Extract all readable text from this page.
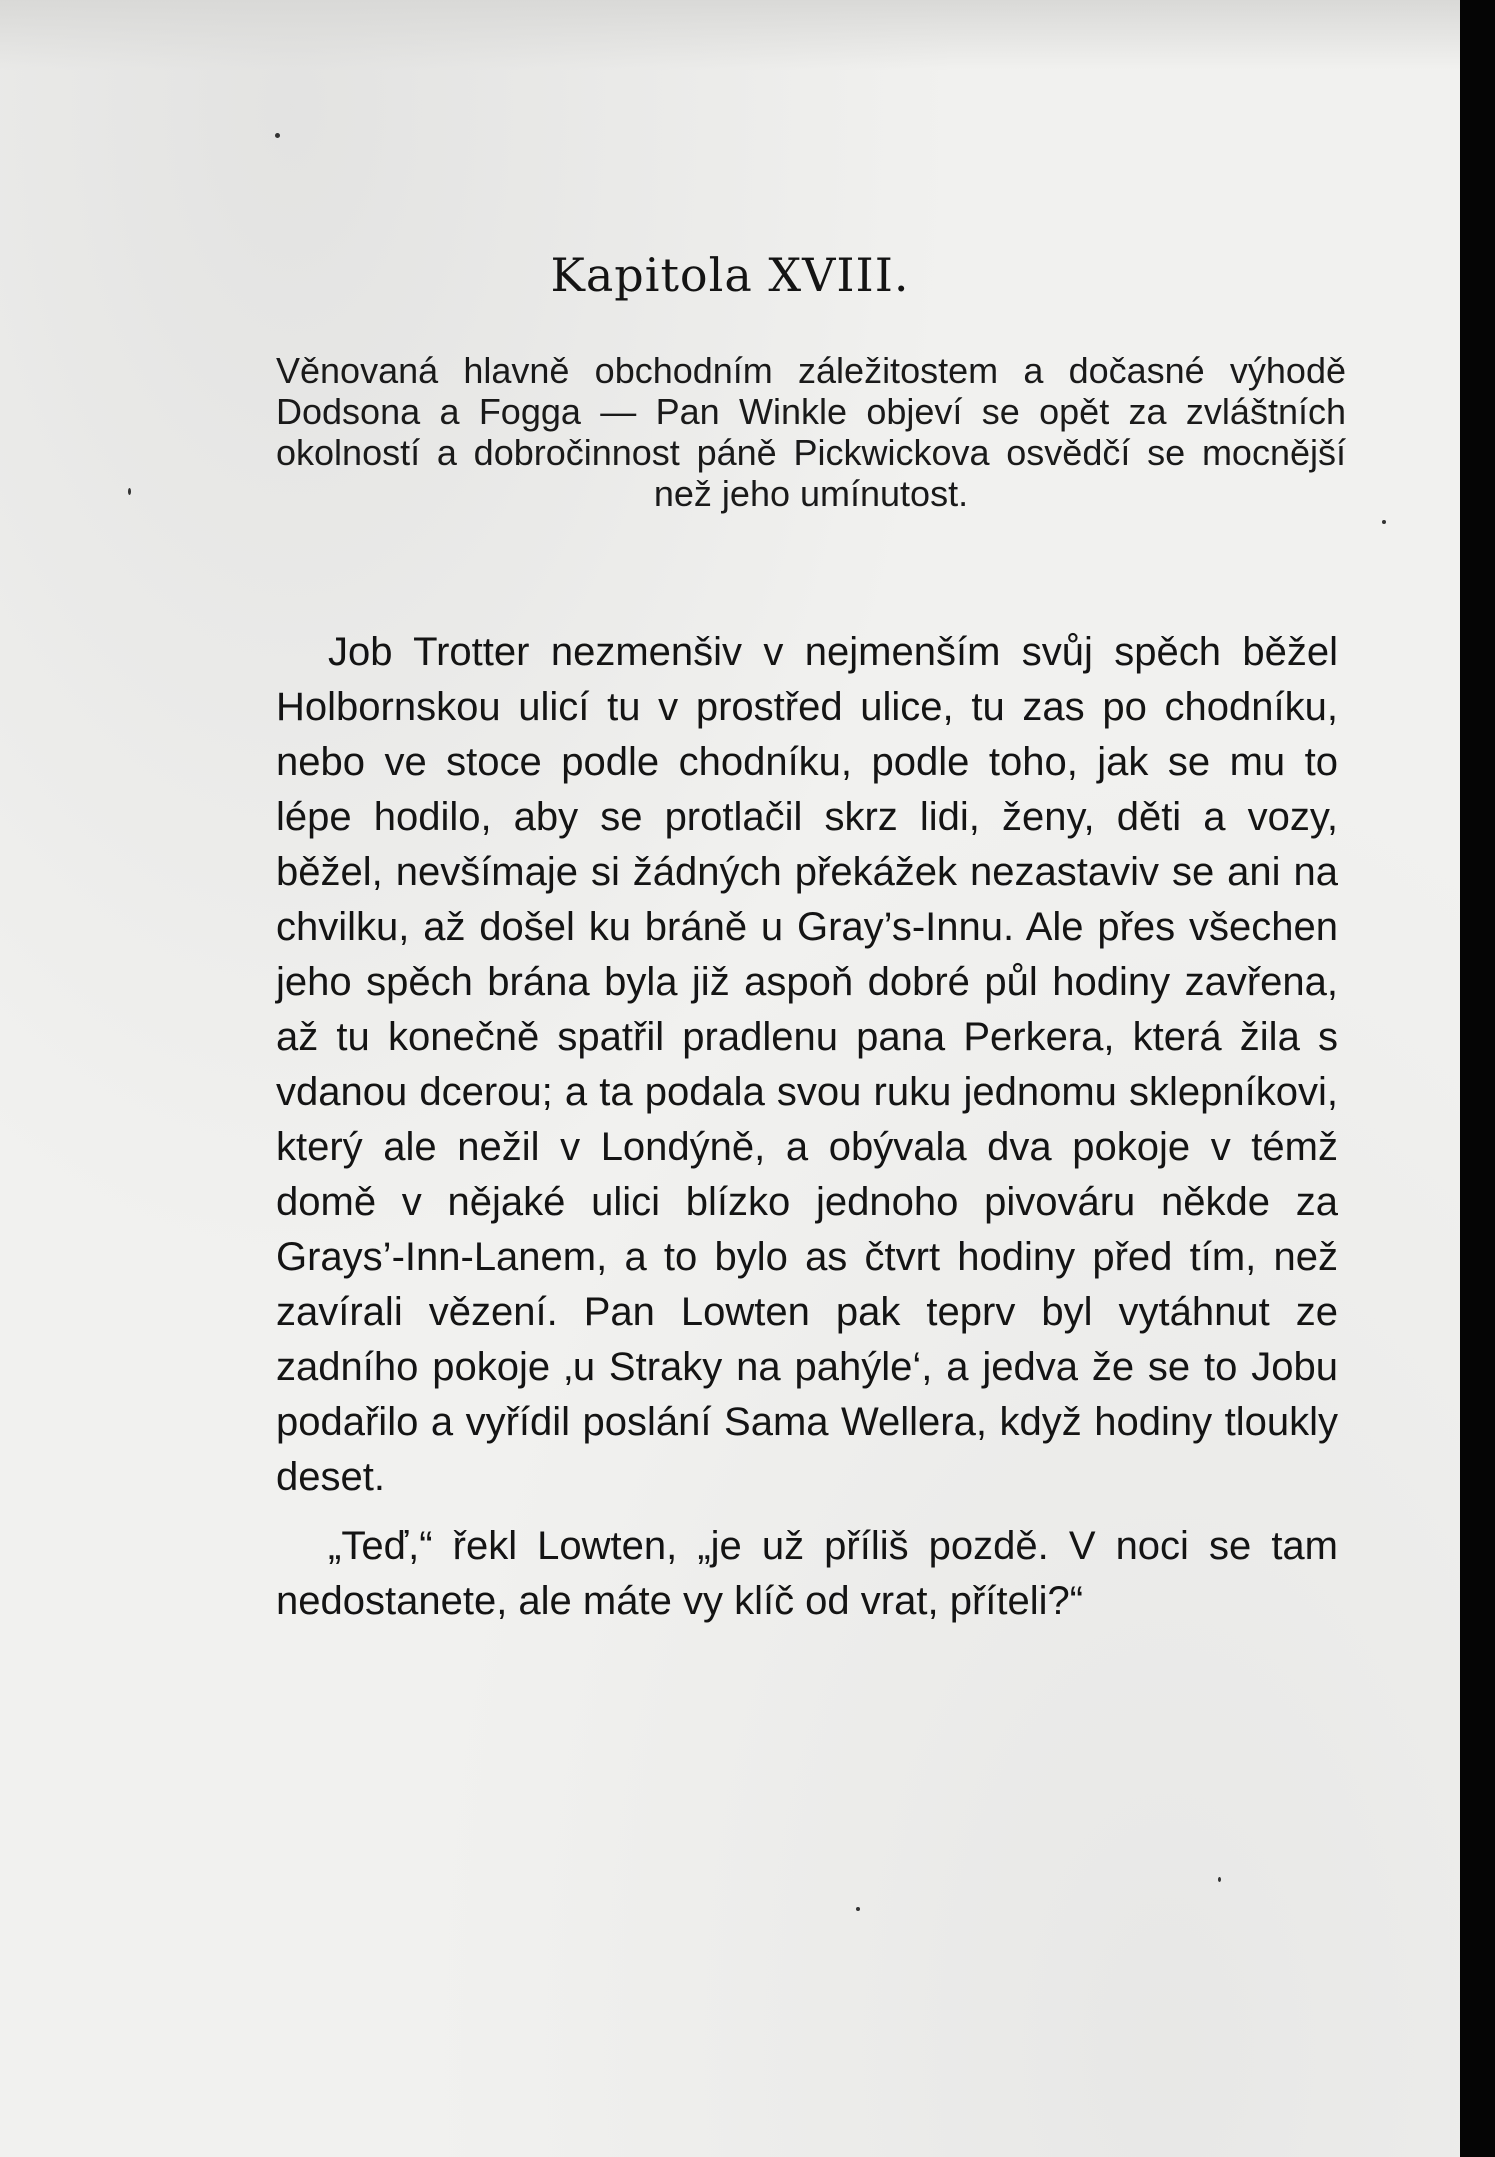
Kapitola XVIII.
Věnovaná hlavně obchodním záležitostem a dočasné výhodě Dodsona a Fogga — Pan Winkle objeví se opět za zvláštních okolností a dobročinnost páně Pickwickova osvědčí se mocnější než jeho umínutost.

Job Trotter nezmenšiv v nejmenším svůj spěch běžel Holbornskou ulicí tu v prostřed ulice, tu zas po chodníku, nebo ve stoce podle chodníku, podle toho, jak se mu to lépe hodilo, aby se protlačil skrz lidi, ženy, děti a vozy, běžel, nevšímaje si žádných překážek nezastaviv se ani na chvilku, až došel ku bráně u Gray’s-Innu. Ale přes všechen jeho spěch brána byla již aspoň dobré půl hodiny zavřena, až tu konečně spatřil pradlenu pana Perkera, která žila s vdanou dcerou; a ta podala svou ruku jednomu sklepníkovi, který ale nežil v Londýně, a obývala dva pokoje v témž domě v nějaké ulici blízko jednoho pivováru někde za Grays’-Inn-Lanem, a to bylo as čtvrt hodiny před tím, než zavírali vězení. Pan Lowten pak teprv byl vytáhnut ze zadního pokoje ‚u Straky na pahýle‘, a jedva že se to Jobu podařilo a vyřídil poslání Sama Wellera, když hodiny tloukly deset.

„Teď,“ řekl Lowten, „je už příliš pozdě. V noci se tam nedostanete, ale máte vy klíč od vrat, příteli?“
